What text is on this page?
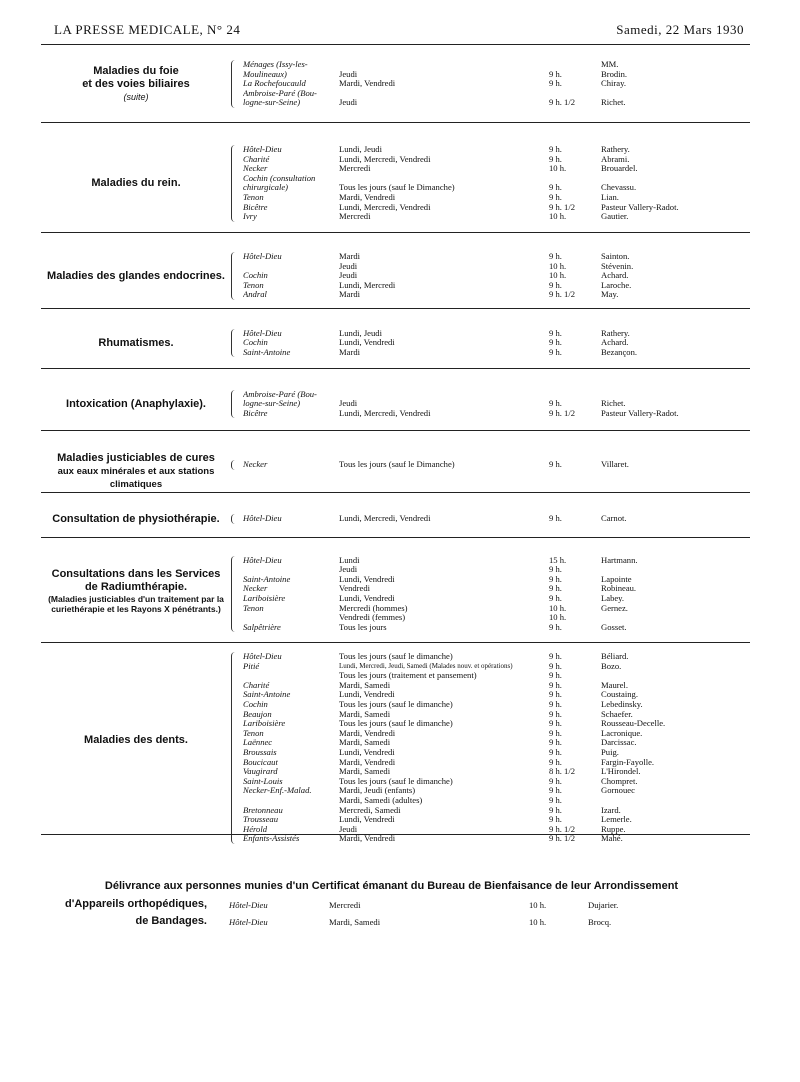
LA PRESSE MEDICALE, N° 24	Samedi, 22 Mars 1930
Maladies du foie
et des voies biliaires
(suite)
Ménages (Issy-les-	MM.
Moulineaux)	Jeudi	9 h.	Brodin.
La Rochefoucauld	Mardi, Vendredi	9 h.	Chiray.
Ambroise-Paré (Bou-
logne-sur-Seine)	Jeudi	9 h. 1/2	Richet.
Maladies du rein.
Hôtel-Dieu	Lundi, Jeudi	9 h.	Rathery.
Charité	Lundi, Mercredi, Vendredi	9 h.	Abrami.
Necker	Mercredi	10 h.	Brouardel.
Cochin (consultation
chirurgicale)	Tous les jours (sauf le Dimanche)	9 h.	Chevassu.
Tenon	Mardi, Vendredi	9 h.	Lian.
Bicêtre	Lundi, Mercredi, Vendredi	9 h. 1/2	Pasteur Vallery-Radot.
Ivry	Mercredi	10 h.	Gautier.
Maladies des glandes endocrines.
Hôtel-Dieu	Mardi	9 h.	Sainton.
Jeudi	10 h.	Stévenin.
Cochin	Jeudi	10 h.	Achard.
Tenon	Lundi, Mercredi	9 h.	Laroche.
Andral	Mardi	9 h. 1/2	May.
Rhumatismes.
Hôtel-Dieu	Lundi, Jeudi	9 h.	Rathery.
Cochin	Lundi, Vendredi	9 h.	Achard.
Saint-Antoine	Mardi	9 h.	Bezançon.
Intoxication (Anaphylaxie).
Ambroise-Paré (Bou-
logne-sur-Seine)	Jeudi	9 h.	Richet.
Bicêtre	Lundi, Mercredi, Vendredi	9 h. 1/2	Pasteur Vallery-Radot.
Maladies justiciables de cures
aux eaux minérales et aux stations climatiques
Necker	Tous les jours (sauf le Dimanche)	9 h.	Villaret.
Consultation de physiothérapie.	Hôtel-Dieu	Lundi, Mercredi, Vendredi	9 h.	Carnot.
Consultations dans les Services
de Radiumthérapie.
(Maladies justiciables d'un traitement par la curiethérapie et les Rayons X pénétrants.)
Hôtel-Dieu	Lundi	15 h.	Hartmann.
Jeudi	9 h.
Saint-Antoine	Lundi, Vendredi	9 h.	Lapointe
Necker	Vendredi	9 h.	Robineau.
Lariboisière	Lundi, Vendredi	9 h.	Labey.
Tenon	Mercredi (hommes)	10 h.	Gernez.
Vendredi (femmes)	10 h.
Salpêtrière	Tous les jours	9 h.	Gosset.
Maladies des dents.
Hôtel-Dieu	Tous les jours (sauf le dimanche)	9 h.	Béliard.
Pitié	Lundi, Mercredi, Jeudi, Samedi (Malades nouv. et opérations)	9 h.	Bozo.
Tous les jours (traitement et pansement)	9 h.
Charité	Mardi, Samedi	9 h.	Maurel.
Saint-Antoine	Lundi, Vendredi	9 h.	Coustaing.
Cochin	Tous les jours (sauf le dimanche)	9 h.	Lebedinsky.
Beaujon	Mardi, Samedi	9 h.	Schaefer.
Lariboisière	Tous les jours (sauf le dimanche)	9 h.	Rousseau-Decelle.
Tenon	Mardi, Vendredi	9 h.	Lacronique.
Laënnec	Mardi, Samedi	9 h.	Darcissac.
Broussais	Lundi, Vendredi	9 h.	Puig.
Boucicaut	Mardi, Vendredi	9 h.	Fargin-Fayolle.
Vaugirard	Mardi, Samedi	8 h. 1/2	L'Hirondel.
Saint-Louis	Tous les jours (sauf le dimanche)	9 h.	Chompret.
Necker-Enf.-Malad.	Mardi, Jeudi (enfants)	9 h.	Gornouec
Mardi, Samedi (adultes)	9 h.
Bretonneau	Mercredi, Samedi	9 h.	Izard.
Trousseau	Lundi, Vendredi	9 h.	Lemerle.
Hérold	Jeudi	9 h. 1/2	Ruppe.
Enfants-Assistés	Mardi, Vendredi	9 h. 1/2	Mahé.
Délivrance aux personnes munies d'un Certificat émanant du Bureau de Bienfaisance de leur Arrondissement
d'Appareils orthopédiques,	Hôtel-Dieu	Mercredi	10 h.	Dujarier.
de Bandages.	Hôtel-Dieu	Mardi, Samedi	10 h.	Brocq.
